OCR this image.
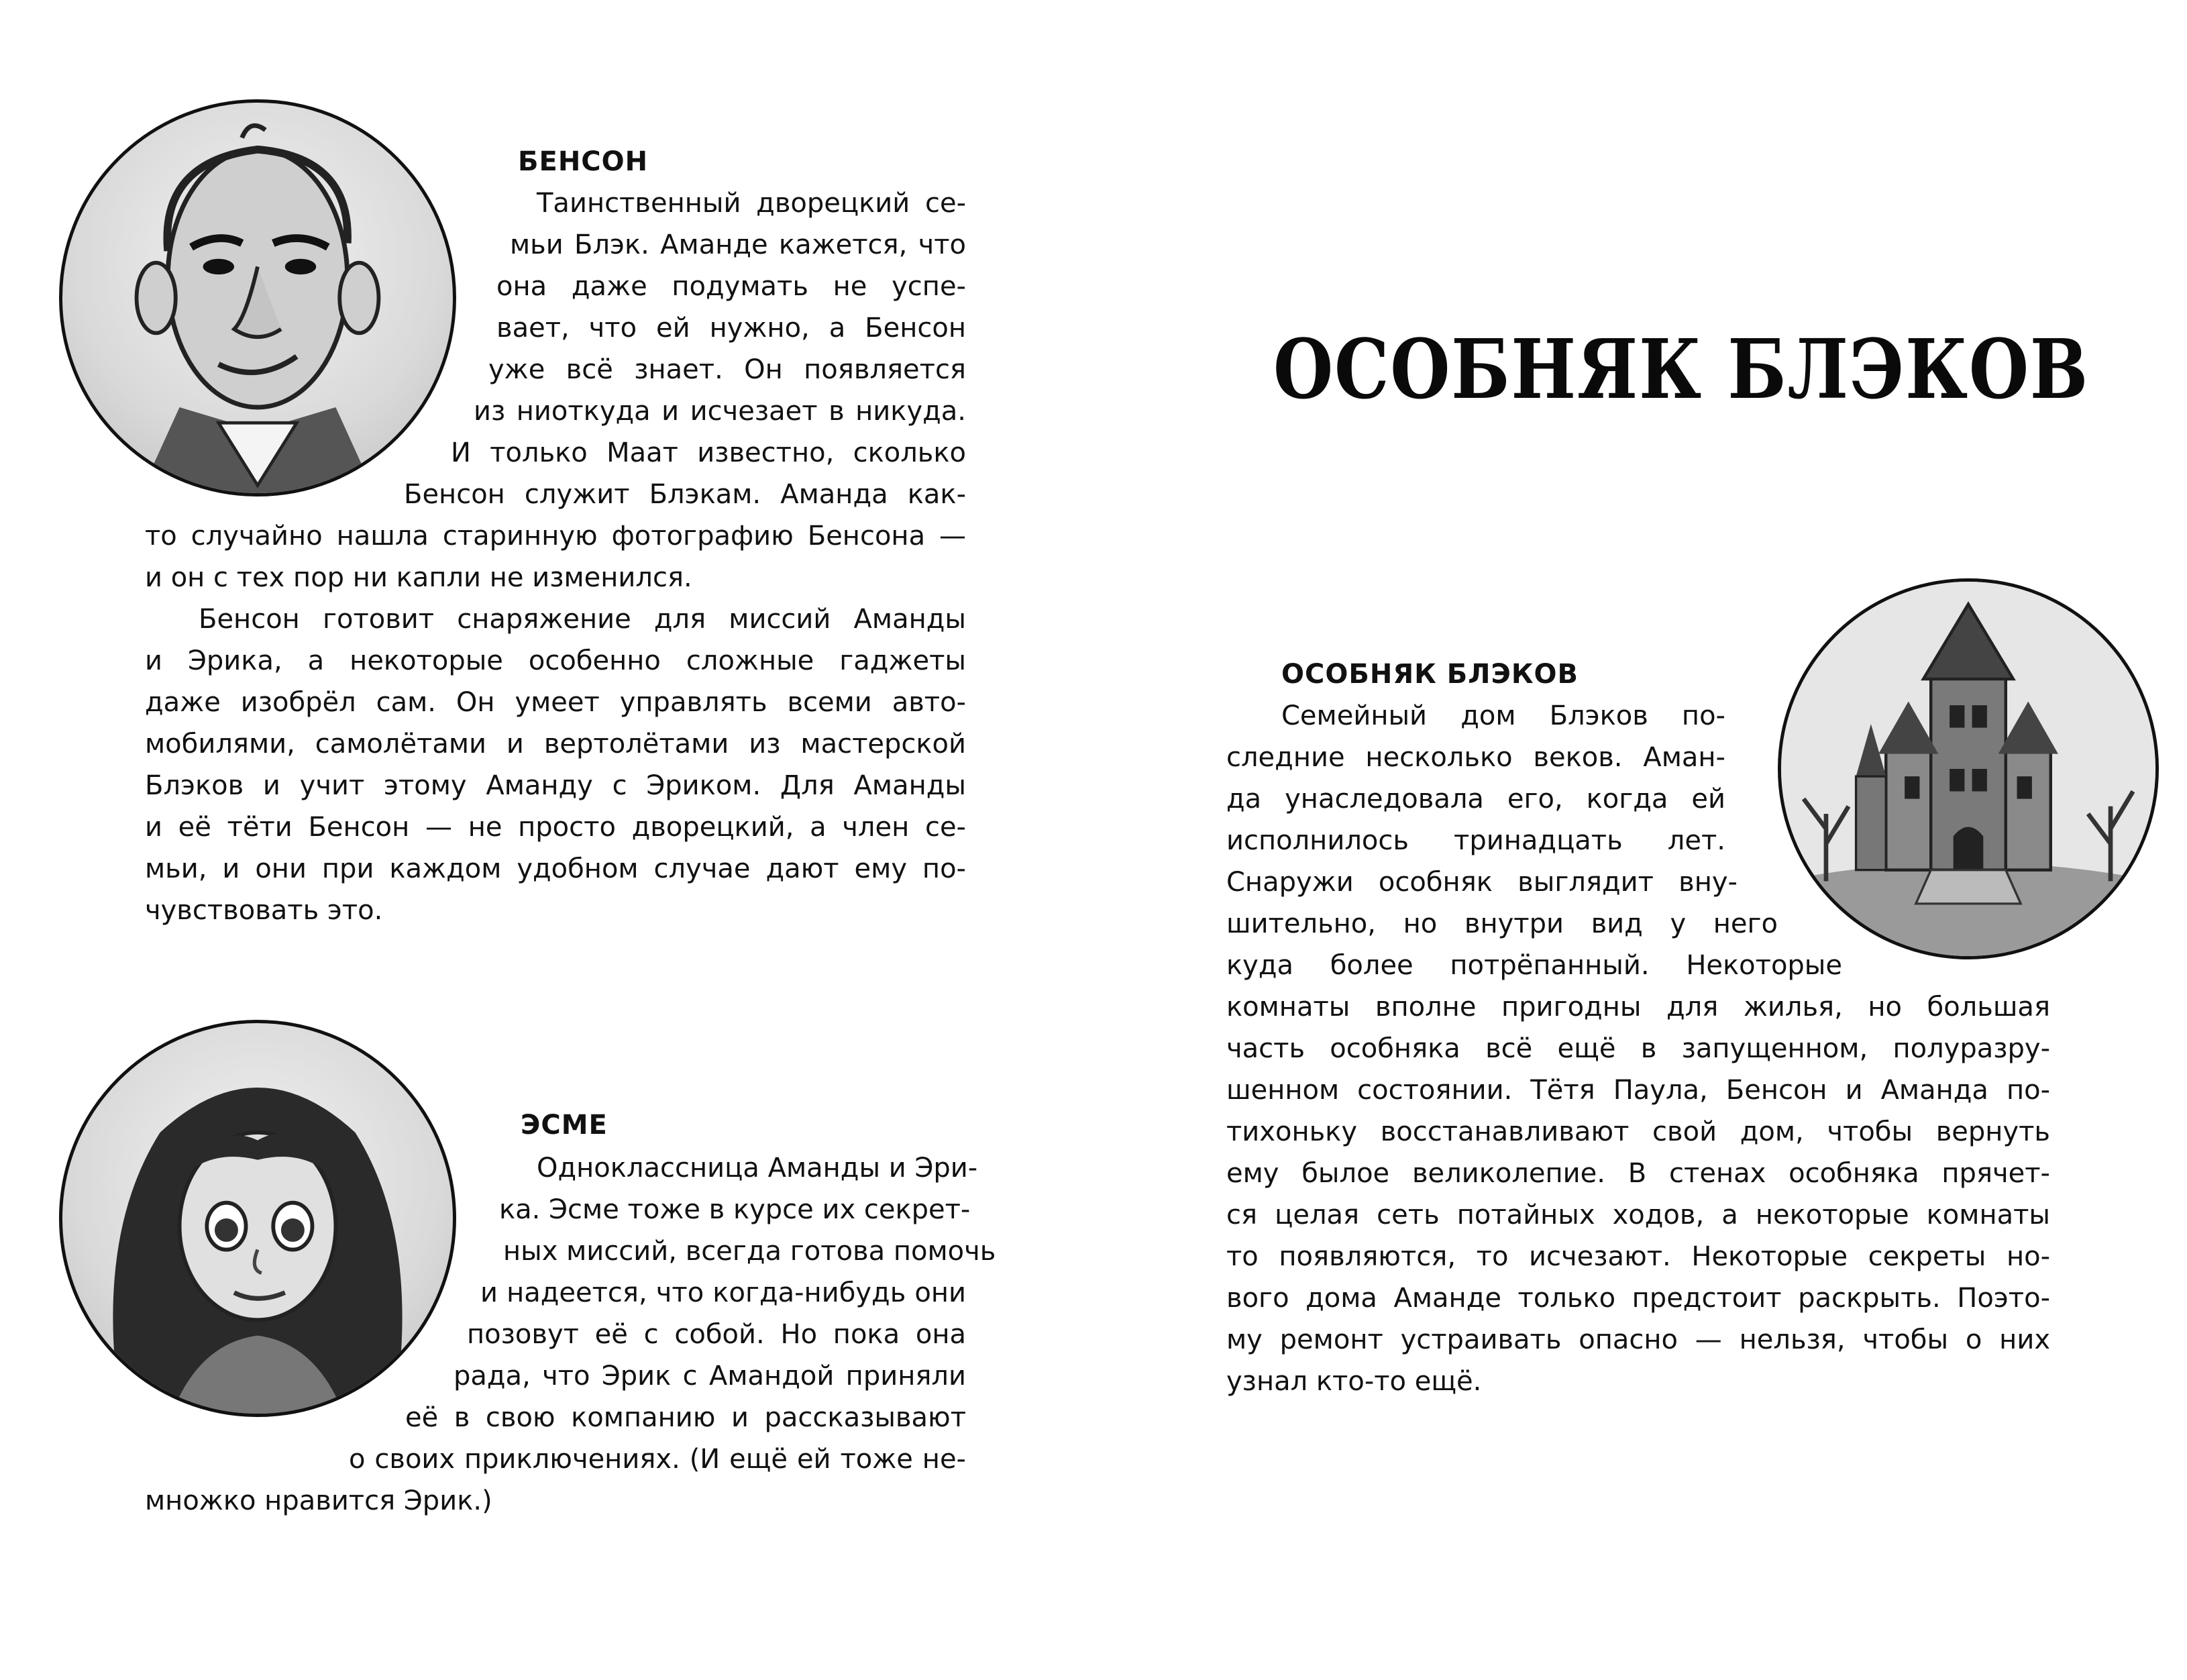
БЕНСОН
Таинственный дворецкий се-
мьи Блэк. Аманде кажется, что
она даже подумать не успе-
вает, что ей нужно, а Бенсон
уже всё знает. Он появляется
из ниоткуда и исчезает в никуда.
И только Маат известно, сколько
Бенсон служит Блэкам. Аманда как-
то случайно нашла старинную фотографию Бенсона —
и он с тех пор ни капли не изменился.
Бенсон готовит снаряжение для миссий Аманды
и Эрика, а некоторые особенно сложные гаджеты
даже изобрёл сам. Он умеет управлять всеми авто-
мобилями, самолётами и вертолётами из мастерской
Блэков и учит этому Аманду с Эриком. Для Аманды
и её тёти Бенсон — не просто дворецкий, а член се-
мьи, и они при каждом удобном случае дают ему по-
чувствовать это.
ЭСМЕ
Одноклассница Аманды и Эри-
ка. Эсме тоже в курсе их секрет-
ных миссий, всегда готова помочь
и надеется, что когда-нибудь они
позовут её с собой. Но пока она
рада, что Эрик с Амандой приняли
её в свою компанию и рассказывают
о своих приключениях. (И ещё ей тоже не-
множко нравится Эрик.)
ОСОБНЯК БЛЭКОВ
ОСОБНЯК БЛЭКОВ
Семейный дом Блэков по-
следние несколько веков. Аман-
да унаследовала его, когда ей
исполнилось тринадцать лет.
Снаружи особняк выглядит вну-
шительно, но внутри вид у него
куда более потрёпанный. Некоторые
комнаты вполне пригодны для жилья, но большая
часть особняка всё ещё в запущенном, полуразру-
шенном состоянии. Тётя Паула, Бенсон и Аманда по-
тихоньку восстанавливают свой дом, чтобы вернуть
ему былое великолепие. В стенах особняка прячет-
ся целая сеть потайных ходов, а некоторые комнаты
то появляются, то исчезают. Некоторые секреты но-
вого дома Аманде только предстоит раскрыть. Поэто-
му ремонт устраивать опасно — нельзя, чтобы о них
узнал кто-то ещё.
